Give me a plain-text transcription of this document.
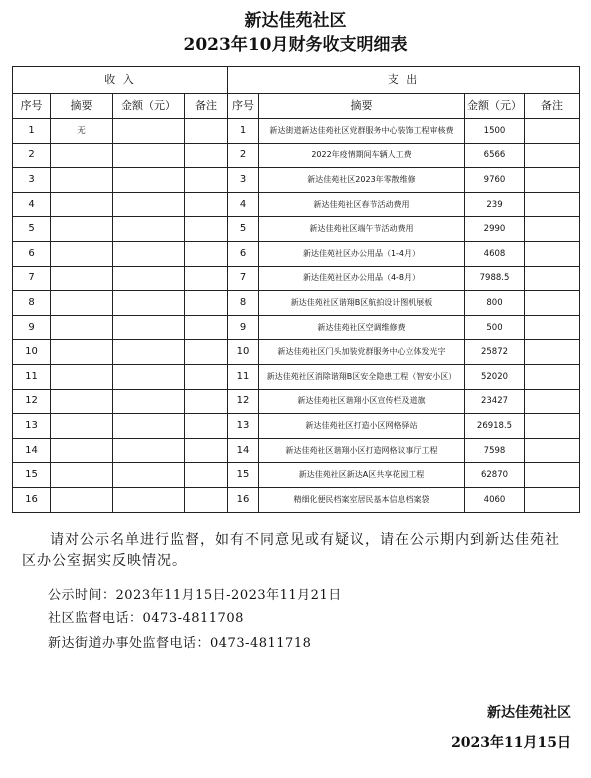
新达佳苑社区
2023年10月财务收支明细表
收 入				支 出			
序号	摘要	金额（元）	备注	序号	摘要	金额（元）	备注
1	无			1	新达街道新达佳苑社区党群服务中心装饰工程审核费	1500	
2				2	2022年疫情期间车辆人工费	6566	
3				3	新达佳苑社区2023年零散维修	9760	
4				4	新达佳苑社区春节活动费用	239	
5				5	新达佳苑社区端午节活动费用	2990	
6				6	新达佳苑社区办公用品（1-4月）	4608	
7				7	新达佳苑社区办公用品（4-8月）	7988.5	
8				8	新达佳苑社区谐翔B区航拍设计图机展板	800	
9				9	新达佳苑社区空调维修费	500	
10				10	新达佳苑社区门头加装党群服务中心立体发光字	25872	
11				11	新达佳苑社区消除谐翔B区安全隐患工程（智安小区）	52020	
12				12	新达佳苑社区谐翔小区宣传栏及道旗	23427	
13				13	新达佳苑社区打造小区网格驿站	26918.5	
14				14	新达佳苑社区谐翔小区打造网格议事厅工程	7598	
15				15	新达佳苑社区新达A区共享花园工程	62870	
16				16	精细化便民档案室居民基本信息档案袋	4060	
请对公示名单进行监督，如有不同意见或有疑议，请在公示期内到新达佳苑社区办公室据实反映情况。
公示时间：2023年11月15日-2023年11月21日
社区监督电话：0473-4811708
新达街道办事处监督电话：0473-4811718
新达佳苑社区
2023年11月15日
